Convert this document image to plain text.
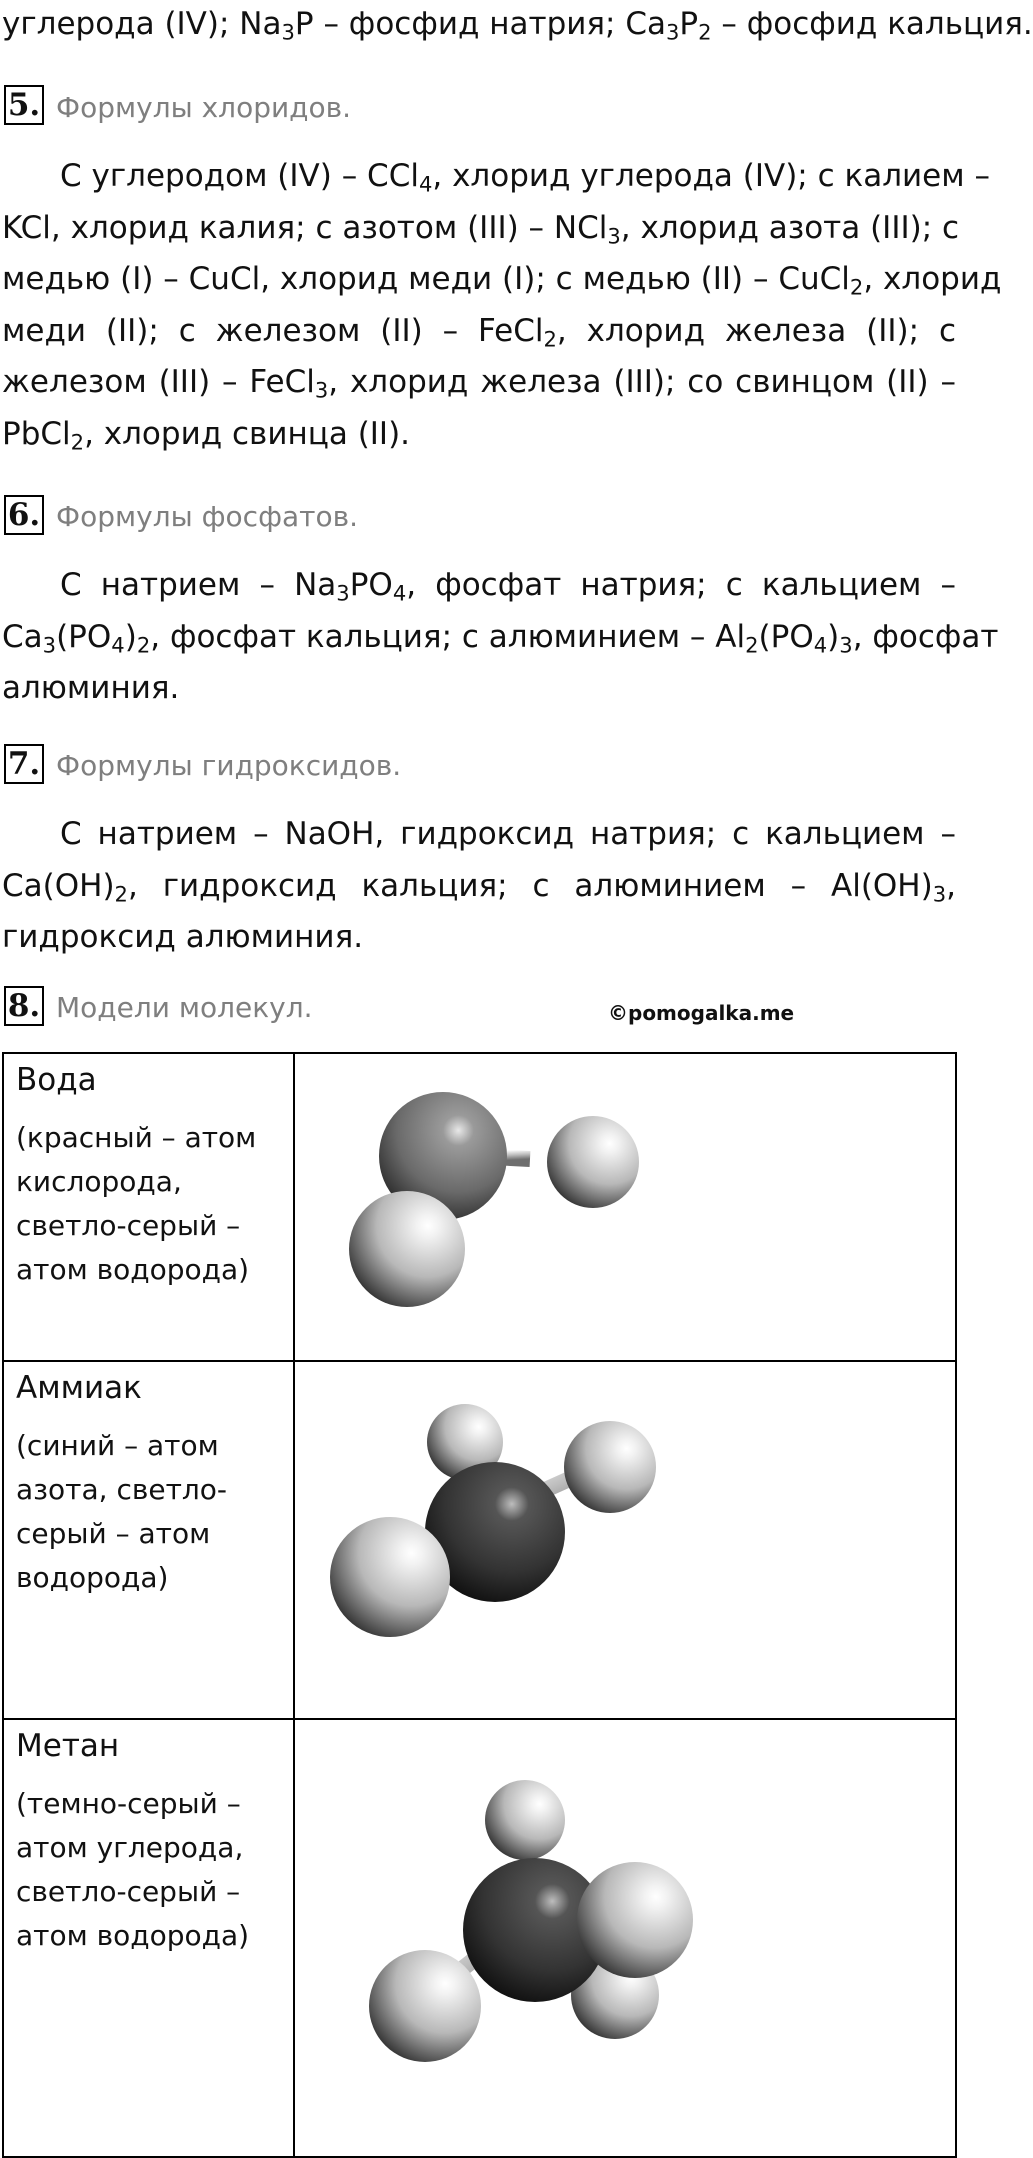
углерода (IV); $Na_3P$ – фосфид натрия; $Ca_3P_2$ – фосфид кальция.
5. Формулы хлоридов.
С углеродом (IV) – CCl$_4$, хлорид углерода (IV); с калием –
KCl, хлорид калия; с азотом (III) – NCl$_3$, хлорид азота (III); с
медью (I) – CuCl, хлорид меди (I); с медью (II) – CuCl$_2$, хлорид
меди (II); с железом (II) – FeCl$_2$, хлорид железа (II); с
железом (III) – FeCl$_3$, хлорид железа (III); со свинцом (II) –
PbCl$_2$, хлорид свинца (II).
6. Формулы фосфатов.
С натрием – $Na_3PO_4$, фосфат натрия; с кальцием –
$Ca_3(PO_4)_2$, фосфат кальция; с алюминием – $Al_2(PO_4)_3$, фосфат
алюминия.
7. Формулы гидроксидов.
С натрием – NaOH, гидроксид натрия; с кальцием –
$Ca(OH)_2$, гидроксид кальция; с алюминием – $Al(OH)_3$,
гидроксид алюминия.
8. Модели молекул.	©pomogalka.me
Вода
(красный – атом
кислорода,
светло-серый –
атом водорода)

Аммиак
(синий – атом
азота, светло-
серый – атом
водорода)

Метан
(темно-серый –
атом углерода,
светло-серый –
атом водорода)
